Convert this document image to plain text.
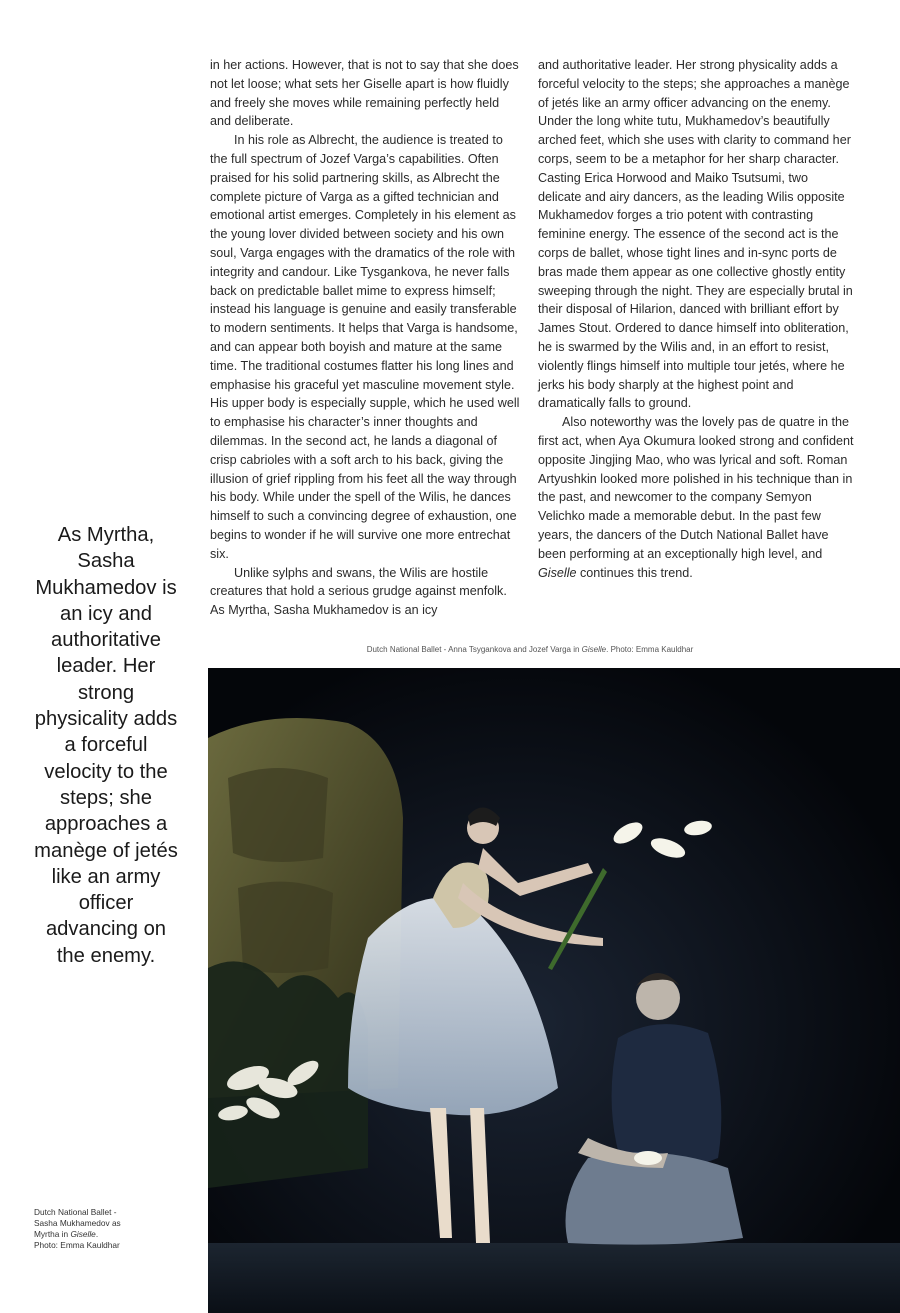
in her actions. However, that is not to say that she does not let loose; what sets her Giselle apart is how fluidly and freely she moves while remaining perfectly held and deliberate.

In his role as Albrecht, the audience is treated to the full spectrum of Jozef Varga’s capabilities. Often praised for his solid partnering skills, as Albrecht the complete picture of Varga as a gifted technician and emotional artist emerges. Completely in his element as the young lover divided between society and his own soul, Varga engages with the dramatics of the role with integrity and candour. Like Tysgankova, he never falls back on predictable ballet mime to express himself; instead his language is genuine and easily transferable to modern sentiments. It helps that Varga is handsome, and can appear both boyish and mature at the same time. The traditional costumes flatter his long lines and emphasise his graceful yet masculine movement style. His upper body is especially supple, which he used well to emphasise his character’s inner thoughts and dilemmas. In the second act, he lands a diagonal of crisp cabrioles with a soft arch to his back, giving the illusion of grief rippling from his feet all the way through his body. While under the spell of the Wilis, he dances himself to such a convincing degree of exhaustion, one begins to wonder if he will survive one more entrechat six.

Unlike sylphs and swans, the Wilis are hostile creatures that hold a serious grudge against menfolk. As Myrtha, Sasha Mukhamedov is an icy

and authoritative leader. Her strong physicality adds a forceful velocity to the steps; she approaches a manège of jetés like an army officer advancing on the enemy. Under the long white tutu, Mukhamedov’s beautifully arched feet, which she uses with clarity to command her corps, seem to be a metaphor for her sharp character. Casting Erica Horwood and Maiko Tsutsumi, two delicate and airy dancers, as the leading Wilis opposite Mukhamedov forges a trio potent with contrasting feminine energy. The essence of the second act is the corps de ballet, whose tight lines and in-sync ports de bras made them appear as one collective ghostly entity sweeping through the night. They are especially brutal in their disposal of Hilarion, danced with brilliant effort by James Stout. Ordered to dance himself into obliteration, he is swarmed by the Wilis and, in an effort to resist, violently flings himself into multiple tour jetés, where he jerks his body sharply at the highest point and dramatically falls to ground.

Also noteworthy was the lovely pas de quatre in the first act, when Aya Okumura looked strong and confident opposite Jingjing Mao, who was lyrical and soft. Roman Artyushkin looked more polished in his technique than in the past, and newcomer to the company Semyon Velichko made a memorable debut. In the past few years, the dancers of the Dutch National Ballet have been performing at an exceptionally high level, and Giselle continues this trend.

As Myrtha, Sasha Mukhamedov is an icy and authoritative leader. Her strong physicality adds a forceful velocity to the steps; she approaches a manège of jetés like an army officer advancing on the enemy.
Dutch National Ballet - Anna Tsygankova and Jozef Varga in Giselle. Photo: Emma Kauldhar
Dutch National Ballet -
Sasha Mukhamedov as
Myrtha in Giselle.
Photo: Emma Kauldhar
